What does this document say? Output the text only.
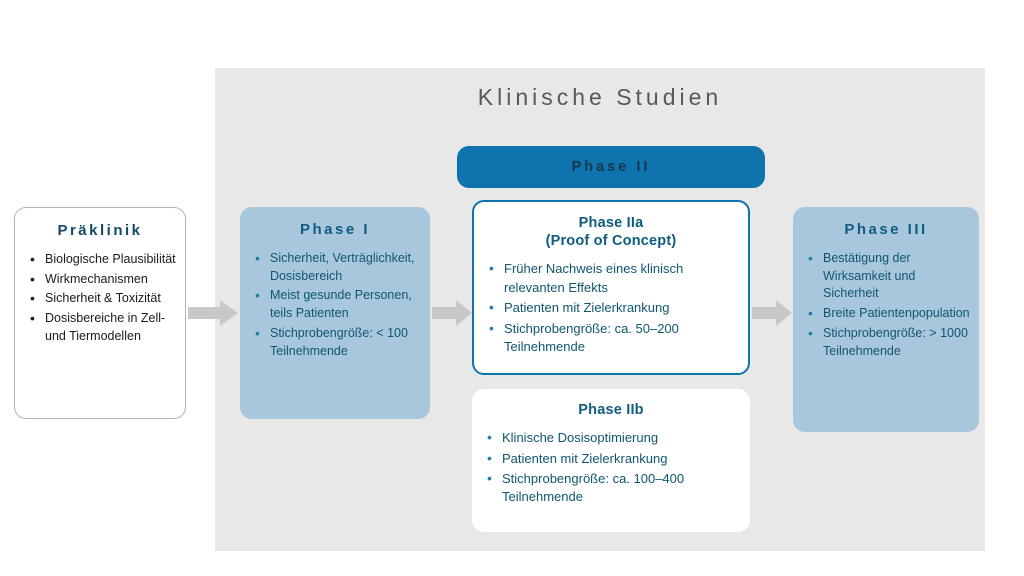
Klinische Studien
Präklinik
• Biologische Plausibilität
• Wirkmechanismen
• Sicherheit & Toxizität
• Dosisbereiche in Zell- und Tiermodellen
Phase I
• Sicherheit, Verträglichkeit, Dosisbereich
• Meist gesunde Personen, teils Patienten
• Stichprobengröße: < 100 Teilnehmende
Phase II
Phase IIa
(Proof of Concept)
• Früher Nachweis eines klinisch relevanten Effekts
• Patienten mit Zielerkrankung
• Stichprobengröße: ca. 50–200 Teilnehmende
Phase IIb
• Klinische Dosisoptimierung
• Patienten mit Zielerkrankung
• Stichprobengröße: ca. 100–400 Teilnehmende
Phase III
• Bestätigung der Wirksamkeit und Sicherheit
• Breite Patientenpopulation
• Stichprobengröße: > 1000 Teilnehmende
